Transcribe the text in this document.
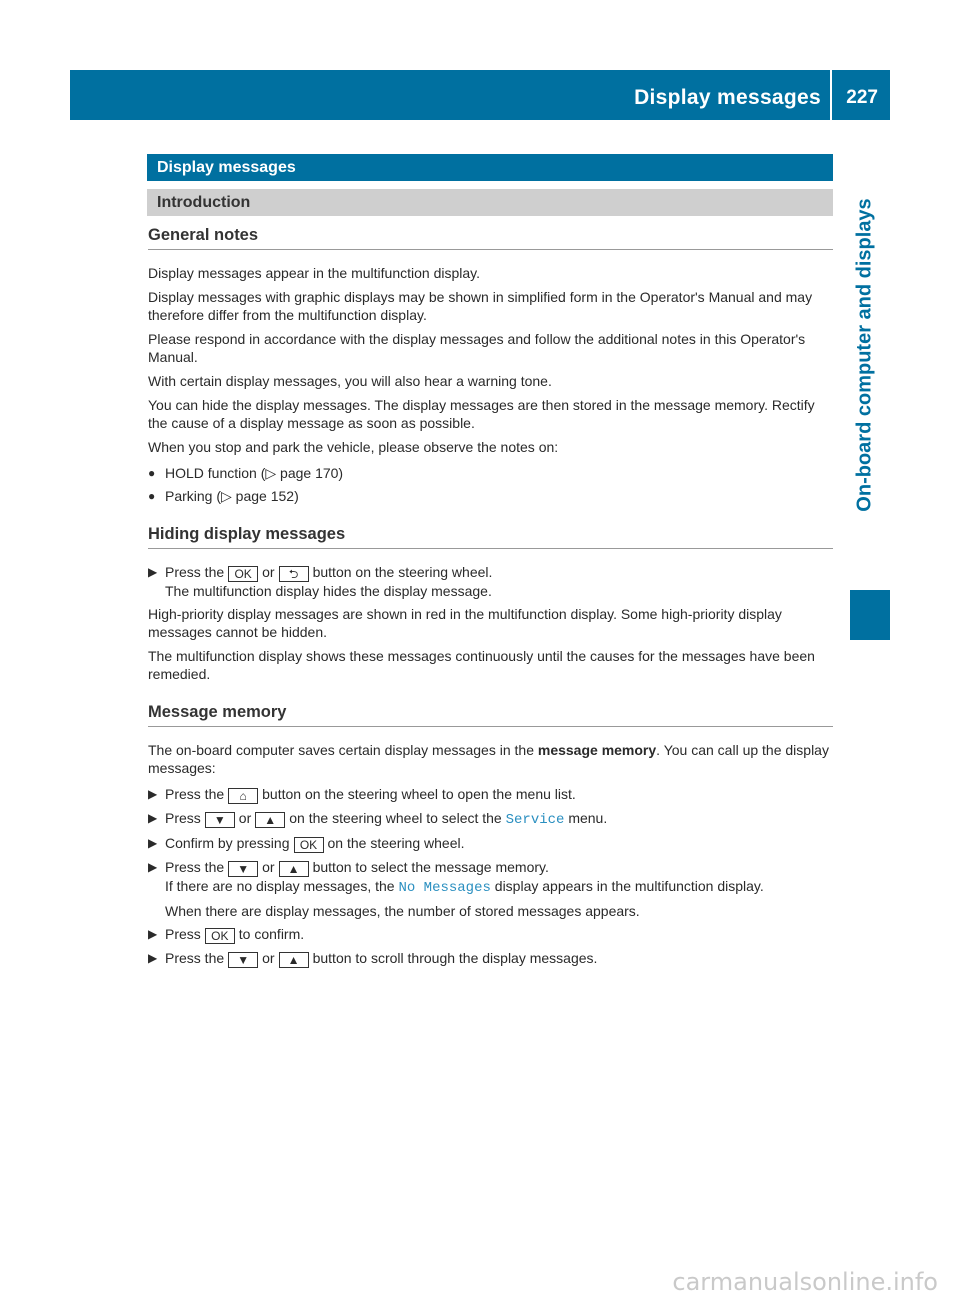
Display messages 227
On-board computer and displays
Display messages
Introduction
General notes

Display messages appear in the multifunction display.

Display messages with graphic displays may be shown in simplified form in the Operator's Manual and may therefore differ from the multifunction display.

Please respond in accordance with the display messages and follow the additional notes in this Operator's Manual.

With certain display messages, you will also hear a warning tone.

You can hide the display messages. The display messages are then stored in the message memory. Rectify the cause of a display message as soon as possible.

When you stop and park the vehicle, please observe the notes on:

● HOLD function (▷ page 170)
● Parking (▷ page 152)
Hiding display messages
▶ Press the OK or ⮌ button on the steering wheel.
The multifunction display hides the display message.

High-priority display messages are shown in red in the multifunction display. Some high-priority display messages cannot be hidden.

The multifunction display shows these messages continuously until the causes for the messages have been remedied.

Message memory

The on-board computer saves certain display messages in the message memory. You can call up the display messages:

▶ Press the ⌂ button on the steering wheel to open the menu list.
▶ Press ▼ or ▲ on the steering wheel to select the Service menu.
▶ Confirm by pressing OK on the steering wheel.
▶ Press the ▼ or ▲ button to select the message memory.
If there are no display messages, the No Messages display appears in the multifunction display.
When there are display messages, the number of stored messages appears.
▶ Press OK to confirm.
▶ Press the ▼ or ▲ button to scroll through the display messages.
carmanualsonline.info
